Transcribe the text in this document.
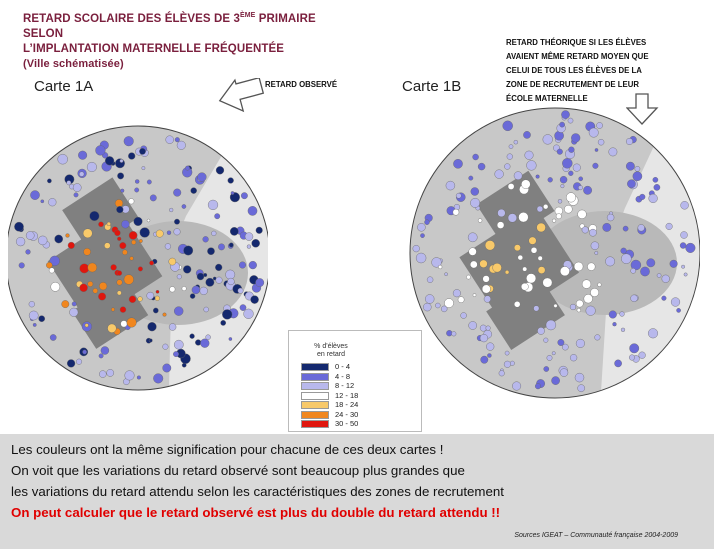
RETARD SCOLAIRE DES ÉLÈVES DE 3ÈME PRIMAIRE SELON
L’IMPLANTATION MATERNELLE FRÉQUENTÉE
(Ville schématisée)
Carte 1A	Carte 1B
RETARD OBSERVÉ
RETARD THÉORIQUE SI LES ÉLÈVES
AVAIENT MÊME RETARD MOYEN QUE
CELUI DE TOUS LES ÉLÈVES DE LA
ZONE DE RECRUTEMENT DE LEUR
ÉCOLE MATERNELLE
% d'élèves
en retard
0 - 4
4 - 8
8 - 12
12 - 18
18 - 24
24 - 30
30 - 50
Les couleurs ont la même signification pour chacune de ces deux cartes !
On voit que les variations du retard observé sont beaucoup plus grandes que
les variations du retard attendu selon les caractéristiques des zones de recrutement
On peut calculer que le retard observé est plus du double du retard attendu !!
Sources IGEAT – Communauté française 2004-2009
